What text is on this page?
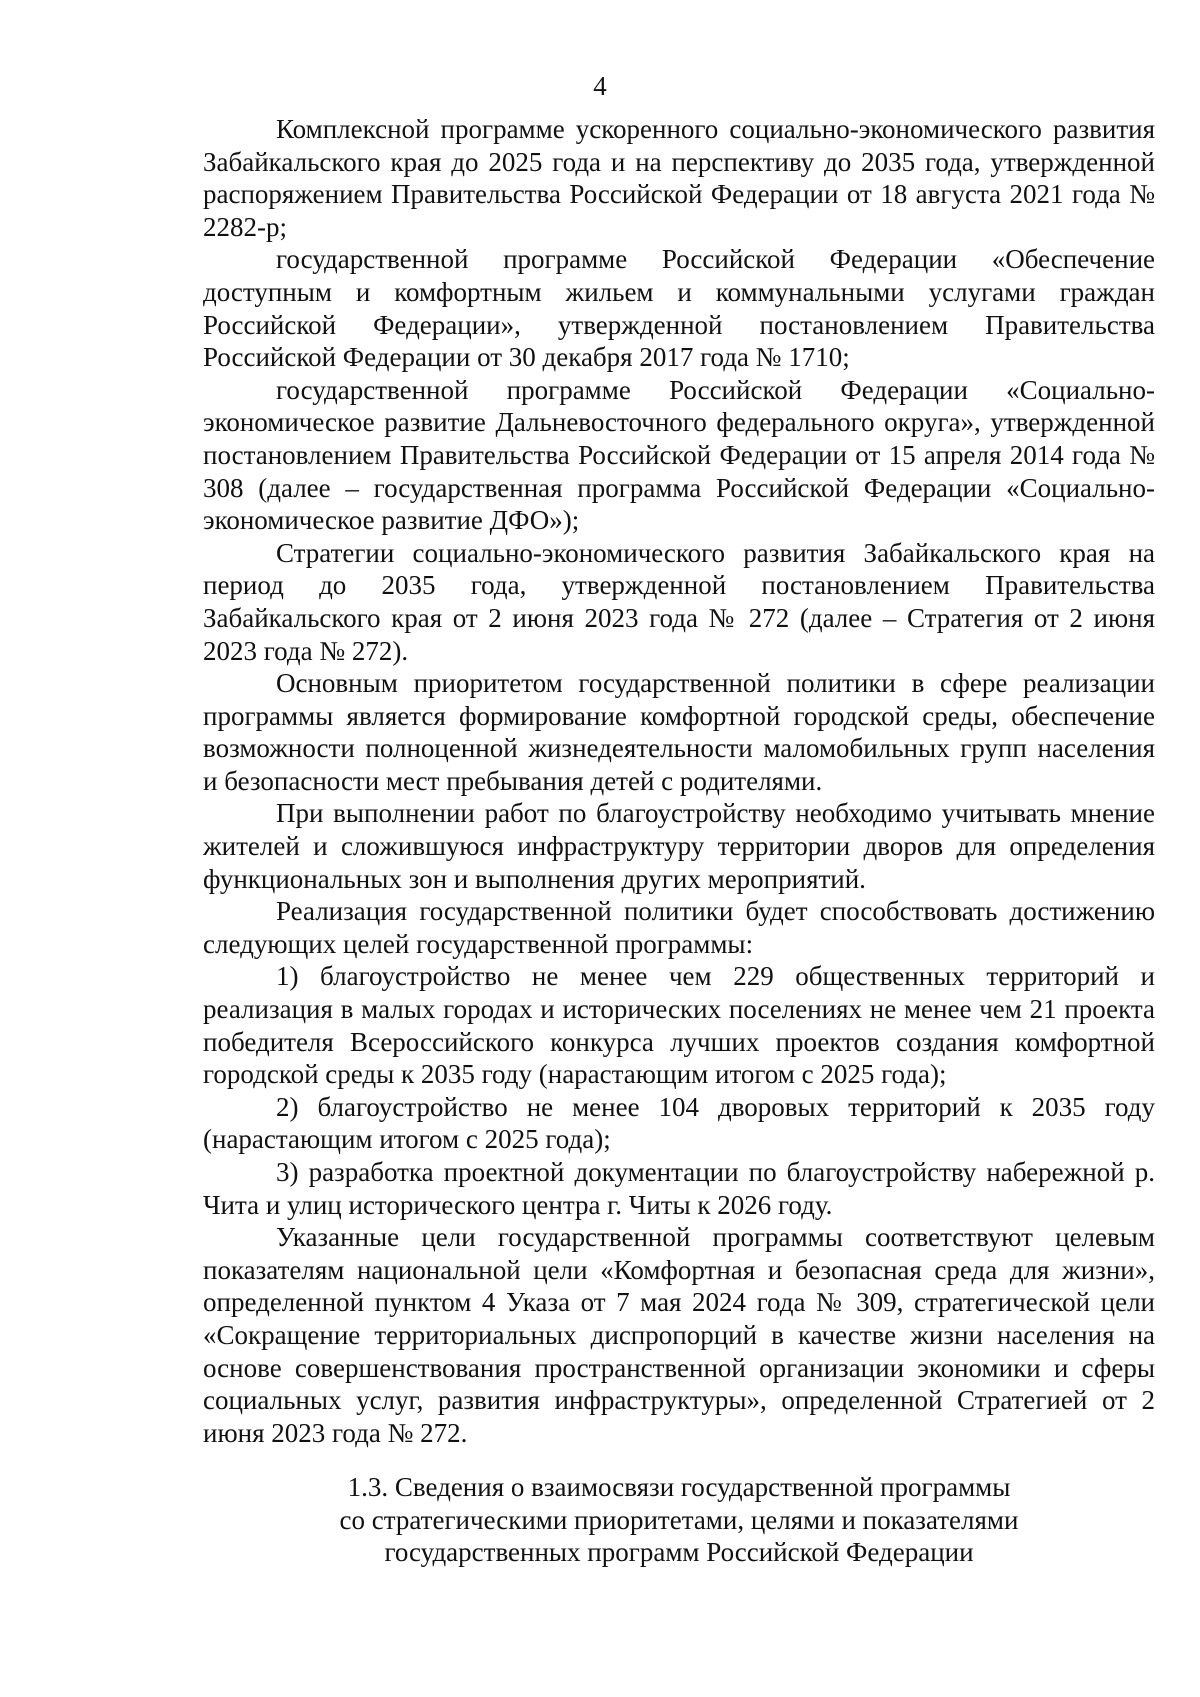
4

Комплексной программе ускоренного социально-экономического развития Забайкальского края до 2025 года и на перспективу до 2035 года, утвержденной распоряжением Правительства Российской Федерации от 18 августа 2021 года № 2282-р;

государственной программе Российской Федерации «Обеспечение доступным и комфортным жильем и коммунальными услугами граждан Российской Федерации», утвержденной постановлением Правительства Российской Федерации от 30 декабря 2017 года № 1710;

государственной программе Российской Федерации «Социально-экономическое развитие Дальневосточного федерального округа», утвержденной постановлением Правительства Российской Федерации от 15 апреля 2014 года № 308 (далее – государственная программа Российской Федерации «Социально-экономическое развитие ДФО»);

Стратегии социально-экономического развития Забайкальского края на период до 2035 года, утвержденной постановлением Правительства Забайкальского края от 2 июня 2023 года № 272 (далее – Стратегия от 2 июня 2023 года № 272).

Основным приоритетом государственной политики в сфере реализации программы является формирование комфортной городской среды, обеспечение возможности полноценной жизнедеятельности маломобильных групп населения и безопасности мест пребывания детей с родителями.

При выполнении работ по благоустройству необходимо учитывать мнение жителей и сложившуюся инфраструктуру территории дворов для определения функциональных зон и выполнения других мероприятий.

Реализация государственной политики будет способствовать достижению следующих целей государственной программы:

1) благоустройство не менее чем 229 общественных территорий и реализация в малых городах и исторических поселениях не менее чем 21 проекта победителя Всероссийского конкурса лучших проектов создания комфортной городской среды к 2035 году (нарастающим итогом с 2025 года);

2) благоустройство не менее 104 дворовых территорий к 2035 году (нарастающим итогом с 2025 года);

3) разработка проектной документации по благоустройству набережной р. Чита и улиц исторического центра г. Читы к 2026 году.

Указанные цели государственной программы соответствуют целевым показателям национальной цели «Комфортная и безопасная среда для жизни», определенной пунктом 4 Указа от 7 мая 2024 года № 309, стратегической цели «Сокращение территориальных диспропорций в качестве жизни населения на основе совершенствования пространственной организации экономики и сферы социальных услуг, развития инфраструктуры», определенной Стратегией от 2 июня 2023 года № 272.

1.3. Сведения о взаимосвязи государственной программы
со стратегическими приоритетами, целями и показателями
государственных программ Российской Федерации
